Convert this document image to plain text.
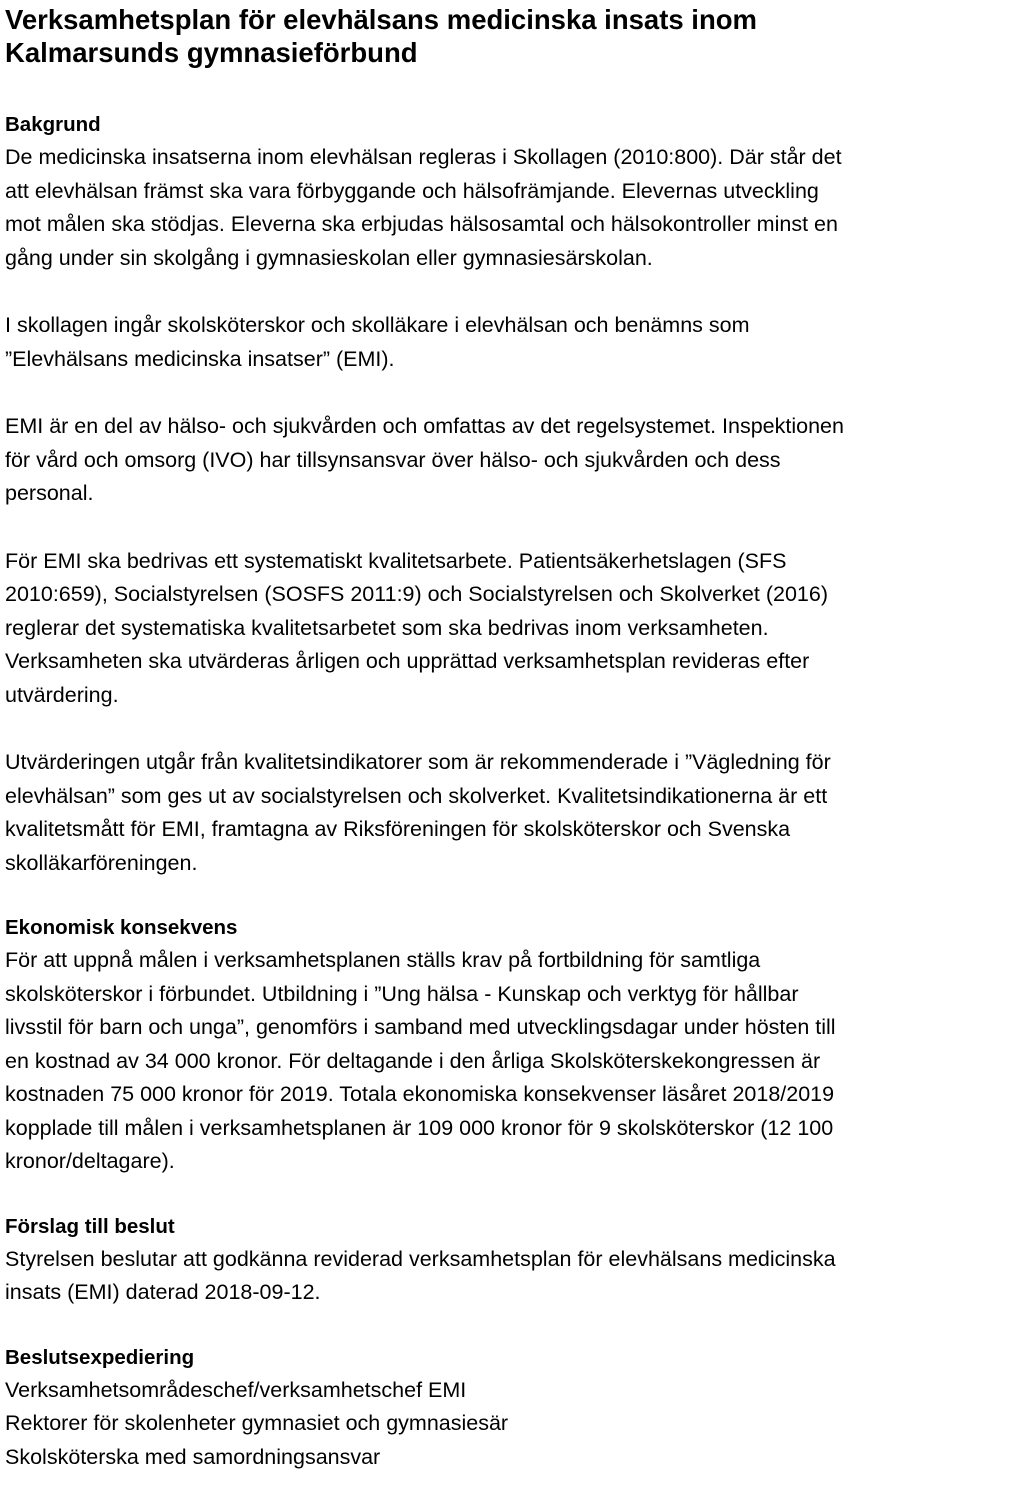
Verksamhetsplan för elevhälsans medicinska insats inom
Kalmarsunds gymnasieförbund
Bakgrund

De medicinska insatserna inom elevhälsan regleras i Skollagen (2010:800). Där står det
att elevhälsan främst ska vara förbyggande och hälsofrämjande. Elevernas utveckling
mot målen ska stödjas. Eleverna ska erbjudas hälsosamtal och hälsokontroller minst en
gång under sin skolgång i gymnasieskolan eller gymnasiesärskolan.

I skollagen ingår skolsköterskor och skolläkare i elevhälsan och benämns som
”Elevhälsans medicinska insatser” (EMI).

EMI är en del av hälso- och sjukvården och omfattas av det regelsystemet. Inspektionen
för vård och omsorg (IVO) har tillsynsansvar över hälso- och sjukvården och dess
personal.

För EMI ska bedrivas ett systematiskt kvalitetsarbete. Patientsäkerhetslagen (SFS
2010:659), Socialstyrelsen (SOSFS 2011:9) och Socialstyrelsen och Skolverket (2016)
reglerar det systematiska kvalitetsarbetet som ska bedrivas inom verksamheten.
Verksamheten ska utvärderas årligen och upprättad verksamhetsplan revideras efter
utvärdering.

Utvärderingen utgår från kvalitetsindikatorer som är rekommenderade i ”Vägledning för
elevhälsan” som ges ut av socialstyrelsen och skolverket. Kvalitetsindikationerna är ett
kvalitetsmått för EMI, framtagna av Riksföreningen för skolsköterskor och Svenska
skolläkarföreningen.

Ekonomisk konsekvens

För att uppnå målen i verksamhetsplanen ställs krav på fortbildning för samtliga
skolsköterskor i förbundet. Utbildning i ”Ung hälsa - Kunskap och verktyg för hållbar
livsstil för barn och unga”, genomförs i samband med utvecklingsdagar under hösten till
en kostnad av 34 000 kronor. För deltagande i den årliga Skolsköterskekongressen är
kostnaden 75 000 kronor för 2019. Totala ekonomiska konsekvenser läsåret 2018/2019
kopplade till målen i verksamhetsplanen är 109 000 kronor för 9 skolsköterskor (12 100
kronor/deltagare).

Förslag till beslut

Styrelsen beslutar att godkänna reviderad verksamhetsplan för elevhälsans medicinska
insats (EMI) daterad 2018-09-12.

Beslutsexpediering

Verksamhetsområdeschef/verksamhetschef EMI
Rektorer för skolenheter gymnasiet och gymnasiesär
Skolsköterska med samordningsansvar
